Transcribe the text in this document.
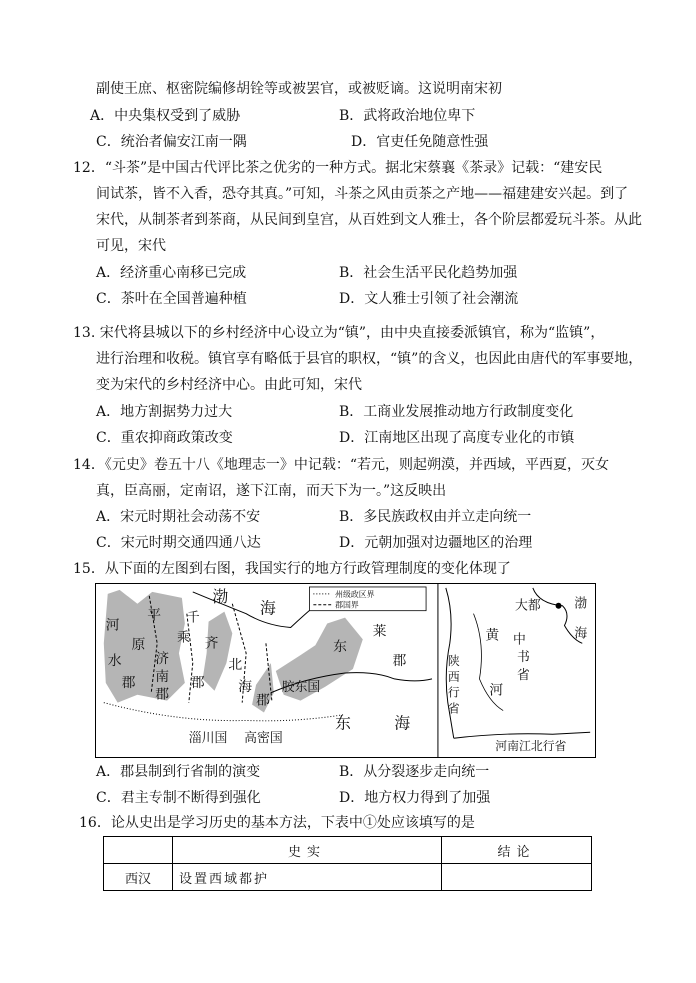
副使王庶、枢密院编修胡铨等或被罢官，或被贬谪。这说明南宋初
A．中央集权受到了威胁	B．武将政治地位卑下
C．统治者偏安江南一隅	D．官吏任免随意性强
12．“斗茶”是中国古代评比茶之优劣的一种方式。据北宋蔡襄《茶录》记载：“建安民
间试茶，皆不入香，恐夺其真。”可知，斗茶之风由贡茶之产地——福建建安兴起。到了
宋代，从制茶者到茶商，从民间到皇宫，从百姓到文人雅士，各个阶层都爱玩斗茶。从此
可见，宋代
A．经济重心南移已完成	B．社会生活平民化趋势加强
C．茶叶在全国普遍种植	D．文人雅士引领了社会潮流
13. 宋代将县城以下的乡村经济中心设立为“镇”，由中央直接委派镇官，称为“监镇”，
进行治理和收税。镇官享有略低于县官的职权，“镇”的含义，也因此由唐代的军事要地，
变为宋代的乡村经济中心。由此可知，宋代
A．地方割据势力过大	B．工商业发展推动地方行政制度变化
C．重农抑商政策改变	D．江南地区出现了高度专业化的市镇
14．《元史》卷五十八《地理志一》中记载：“若元，则起朔漠，并西域，平西夏，灭女
真，臣高丽，定南诏，遂下江南，而天下为一。”这反映出
A．宋元时期社会动荡不安	B．多民族政权由并立走向统一
C．宋元时期交通四通八达	D．元朝加强对边疆地区的治理
15．从下面的左图到右图，我国实行的地方行政管理制度的变化体现了
州级政区界
郡国界
河
平
原
水
郡
千
乘
济
南
郡
齐
郡
北
海
郡
渤
海
东
莱
郡
胶东国
淄川国 高密国
东	海
大都	渤
海
中
书
省
黄
河
陕
西
行
省
河南江北行省
A．郡县制到行省制的演变	B．从分裂逐步走向统一
C．君主专制不断得到强化	D．地方权力得到了加强
16．论从史出是学习历史的基本方法，下表中①处应该填写的是
	史实	结论
西汉	设置西域都护	
